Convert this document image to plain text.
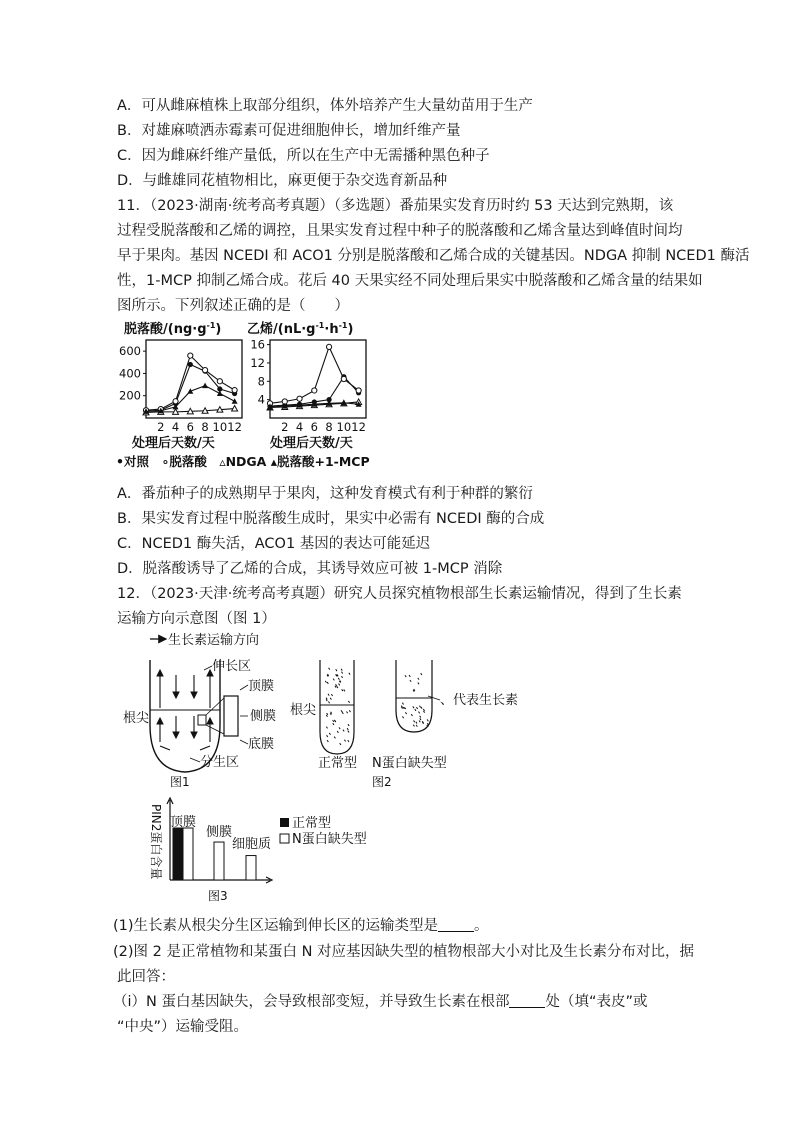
A．可从雌麻植株上取部分组织，体外培养产生大量幼苗用于生产
B．对雄麻喷洒赤霉素可促进细胞伸长，增加纤维产量
C．因为雌麻纤维产量低，所以在生产中无需播种黑色种子
D．与雌雄同花植物相比，麻更便于杂交选育新品种
11．（2023·湖南·统考高考真题）（多选题）番茄果实发育历时约 53 天达到完熟期，该
过程受脱落酸和乙烯的调控，且果实发育过程中种子的脱落酸和乙烯含量达到峰值时间均
早于果肉。基因 NCEDI 和 ACO1 分别是脱落酸和乙烯合成的关键基因。NDGA 抑制 NCED1 酶活
性，1-MCP 抑制乙烯合成。花后 40 天果实经不同处理后果实中脱落酸和乙烯含量的结果如
图所示。下列叙述正确的是（　　）
脱落酸$/(ng\cdot g^{-1})$ 乙烯$/(nL\cdot g^{-1}\cdot h^{-1})$
200
400
600
2 4 6 8 10 12
4
8
12
16
2 4 6 8 10 12
处理后天数/天	处理后天数/天
•对照　∘脱落酸　▵NDGA ▴脱落酸+1-MCP
A．番茄种子的成熟期早于果肉，这种发育模式有利于种群的繁衍
B．果实发育过程中脱落酸生成时，果实中必需有 NCEDI 酶的合成
C．NCED1 酶失活，ACO1 基因的表达可能延迟
D．脱落酸诱导了乙烯的合成，其诱导效应可被 1-MCP 消除
12．（2023·天津·统考高考真题）研究人员探究植物根部生长素运输情况，得到了生长素
运输方向示意图（图 1）
生长素运输方向
顶膜
侧膜
底膜
伸长区
根尖
分生区
图1
、代表生长素
根尖
正常型 N蛋白缺失型
图2
PIN2蛋白含量 顶膜
侧膜
细胞质
正常型
N蛋白缺失型
图3
(1)生长素从根尖分生区运输到伸长区的运输类型是 。
(2)图 2 是正常植物和某蛋白 N 对应基因缺失型的植物根部大小对比及生长素分布对比，据
此回答：
（i）N 蛋白基因缺失，会导致根部变短，并导致生长素在根部 处（填“表皮”或
“中央”）运输受阻。
